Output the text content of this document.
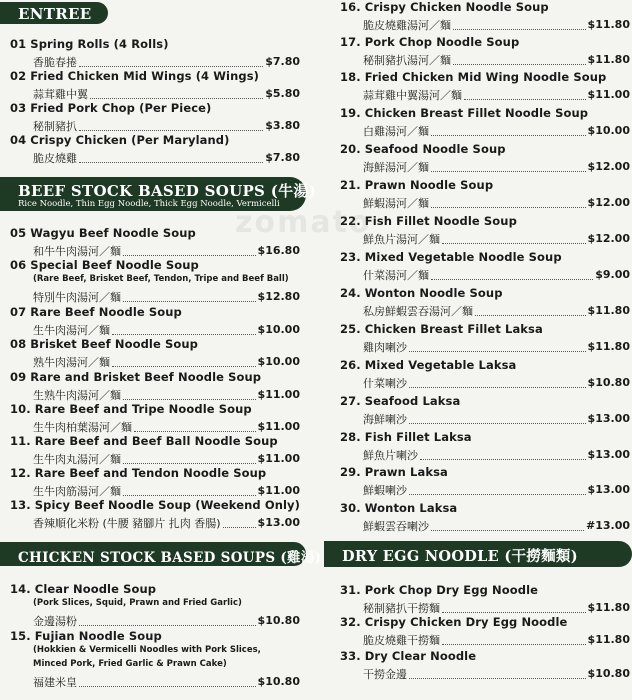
ENTREE
BEEF STOCK BASED SOUPS (牛湯)
Rice Noodle, Thin Egg Noodle, Thick Egg Noodle, Vermicelli
CHICKEN STOCK BASED SOUPS (雞湯)
01 Spring Rolls (4 Rolls)
香脆春捲	$7.80
02 Fried Chicken Mid Wings (4 Wings)
蒜茸雞中翼	$5.80
03 Fried Pork Chop (Per Piece)
秘制豬扒	$3.80
04 Crispy Chicken (Per Maryland)
脆皮燒雞	$7.80
05 Wagyu Beef Noodle Soup
和牛牛肉湯河／麵	$16.80
06 Special Beef Noodle Soup
(Rare Beef, Brisket Beef, Tendon, Tripe and Beef Ball)
特別牛肉湯河／麵	$12.80
07 Rare Beef Noodle Soup
生牛肉湯河／麵	$10.00
08 Brisket Beef Noodle Soup
熟牛肉湯河／麵	$10.00
09 Rare and Brisket Beef Noodle Soup
生熟牛肉湯河／麵	$11.00
10. Rare Beef and Tripe Noodle Soup
生牛肉柏葉湯河／麵	$11.00
11. Rare Beef and Beef Ball Noodle Soup
生牛肉丸湯河／麵	$11.00
12. Rare Beef and Tendon Noodle Soup
生牛肉筋湯河／麵	$11.00
13. Spicy Beef Noodle Soup (Weekend Only)
香辣順化米粉 (牛腰 豬腳片 扎肉 香腸)	$13.00
14. Clear Noodle Soup
(Pork Slices, Squid, Prawn and Fried Garlic)
金邊湯粉	$10.80
15. Fujian Noodle Soup
(Hokkien & Vermicelli Noodles with Pork Slices,
Minced Pork, Fried Garlic & Prawn Cake)
福建米皇	$10.80
DRY EGG NOODLE (干撈麵類)
16. Crispy Chicken Noodle Soup
脆皮燒雞湯河／麵	$11.80
17. Pork Chop Noodle Soup
秘制豬扒湯河／麵	$11.80
18. Fried Chicken Mid Wing Noodle Soup
蒜茸雞中翼湯河／麵	$11.00
19. Chicken Breast Fillet Noodle Soup
白雞湯河／麵	$10.00
20. Seafood Noodle Soup
海鮮湯河／麵	$12.00
21. Prawn Noodle Soup
鮮蝦湯河／麵	$12.00
22. Fish Fillet Noodle Soup
鮮魚片湯河／麵	$12.00
23. Mixed Vegetable Noodle Soup
什菜湯河／麵	$9.00
24. Wonton Noodle Soup
私房鮮蝦雲吞湯河／麵	$11.80
25. Chicken Breast Fillet Laksa
雞肉喇沙	$11.80
26. Mixed Vegetable Laksa
什菜喇沙	$10.80
27. Seafood Laksa
海鮮喇沙	$13.00
28. Fish Fillet Laksa
鮮魚片喇沙	$13.00
29. Prawn Laksa
鮮蝦喇沙	$13.00
30. Wonton Laksa
鮮蝦雲吞喇沙	#13.00
31. Pork Chop Dry Egg Noodle
秘制豬扒干撈麵	$11.80
32. Crispy Chicken Dry Egg Noodle
脆皮燒雞干撈麵	$11.80
33. Dry Clear Noodle
干撈金邊	$10.80
zomato
